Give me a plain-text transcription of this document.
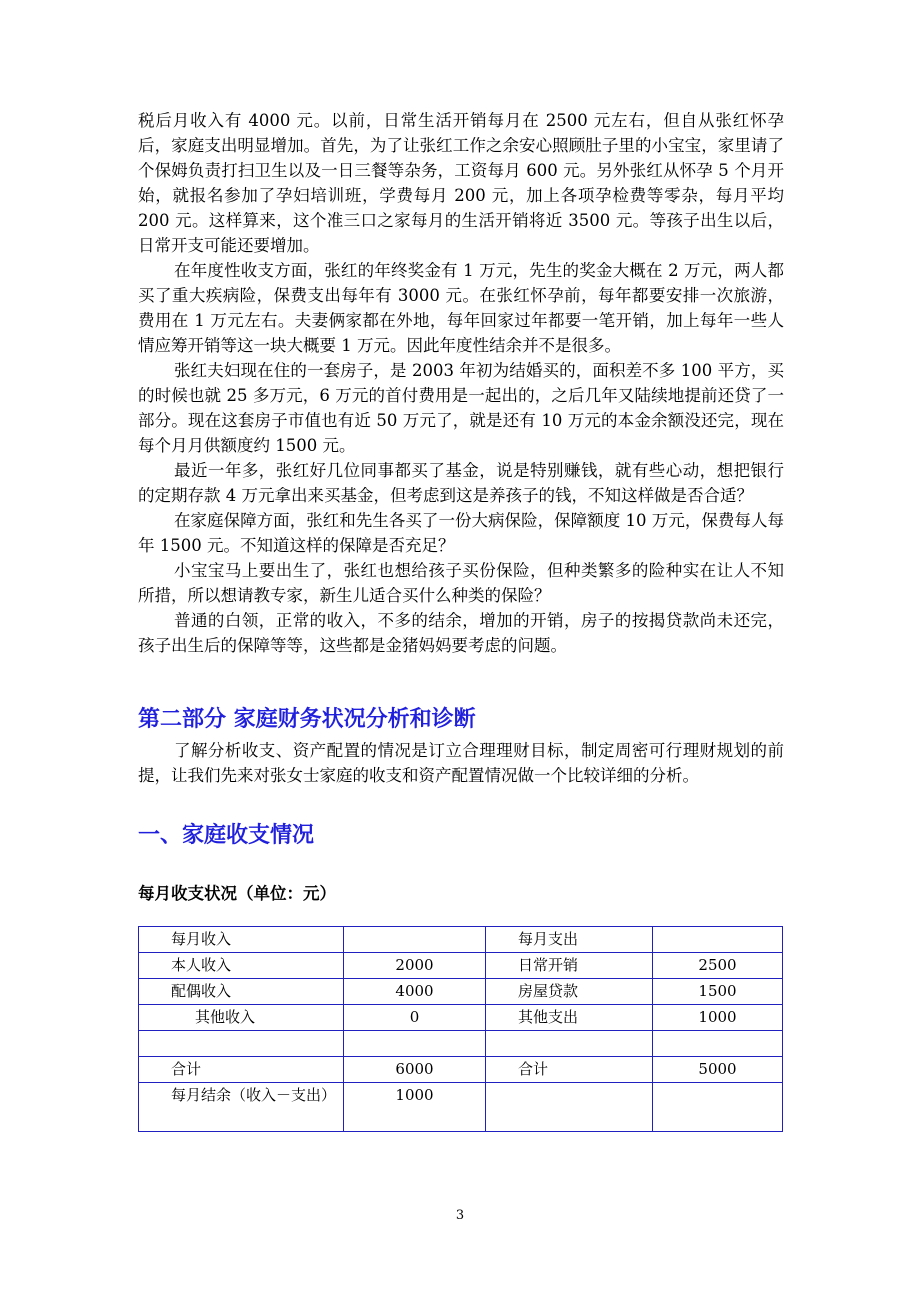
税后月收入有 4000 元。以前，日常生活开销每月在 2500 元左右，但自从张红怀孕后，家庭支出明显增加。首先，为了让张红工作之余安心照顾肚子里的小宝宝，家里请了个保姆负责打扫卫生以及一日三餐等杂务，工资每月 600 元。另外张红从怀孕 5 个月开始，就报名参加了孕妇培训班，学费每月 200 元，加上各项孕检费等零杂，每月平均 200 元。这样算来，这个准三口之家每月的生活开销将近 3500 元。等孩子出生以后，日常开支可能还要增加。

在年度性收支方面，张红的年终奖金有 1 万元，先生的奖金大概在 2 万元，两人都买了重大疾病险，保费支出每年有 3000 元。在张红怀孕前，每年都要安排一次旅游，费用在 1 万元左右。夫妻俩家都在外地，每年回家过年都要一笔开销，加上每年一些人情应筹开销等这一块大概要 1 万元。因此年度性结余并不是很多。

张红夫妇现在住的一套房子，是 2003 年初为结婚买的，面积差不多 100 平方，买的时候也就 25 多万元，6 万元的首付费用是一起出的，之后几年又陆续地提前还贷了一部分。现在这套房子市值也有近 50 万元了，就是还有 10 万元的本金余额没还完，现在每个月月供额度约 1500 元。

最近一年多，张红好几位同事都买了基金，说是特别赚钱，就有些心动，想把银行的定期存款 4 万元拿出来买基金，但考虑到这是养孩子的钱，不知这样做是否合适？

在家庭保障方面，张红和先生各买了一份大病保险，保障额度 10 万元，保费每人每年 1500 元。不知道这样的保障是否充足？

小宝宝马上要出生了，张红也想给孩子买份保险，但种类繁多的险种实在让人不知所措，所以想请教专家，新生儿适合买什么种类的保险？

普通的白领，正常的收入，不多的结余，增加的开销，房子的按揭贷款尚未还完，孩子出生后的保障等等，这些都是金猪妈妈要考虑的问题。

第二部分 家庭财务状况分析和诊断

了解分析收支、资产配置的情况是订立合理理财目标，制定周密可行理财规划的前提，让我们先来对张女士家庭的收支和资产配置情况做一个比较详细的分析。

一、家庭收支情况
每月收支状况（单位：元）
每月收入		每月支出	
本人收入	2000	日常开销	2500
配偶收入	4000	房屋贷款	1500
其他收入	0	其他支出	1000

合计	6000	合计	5000
每月结余（收入－支出）	1000		
3
